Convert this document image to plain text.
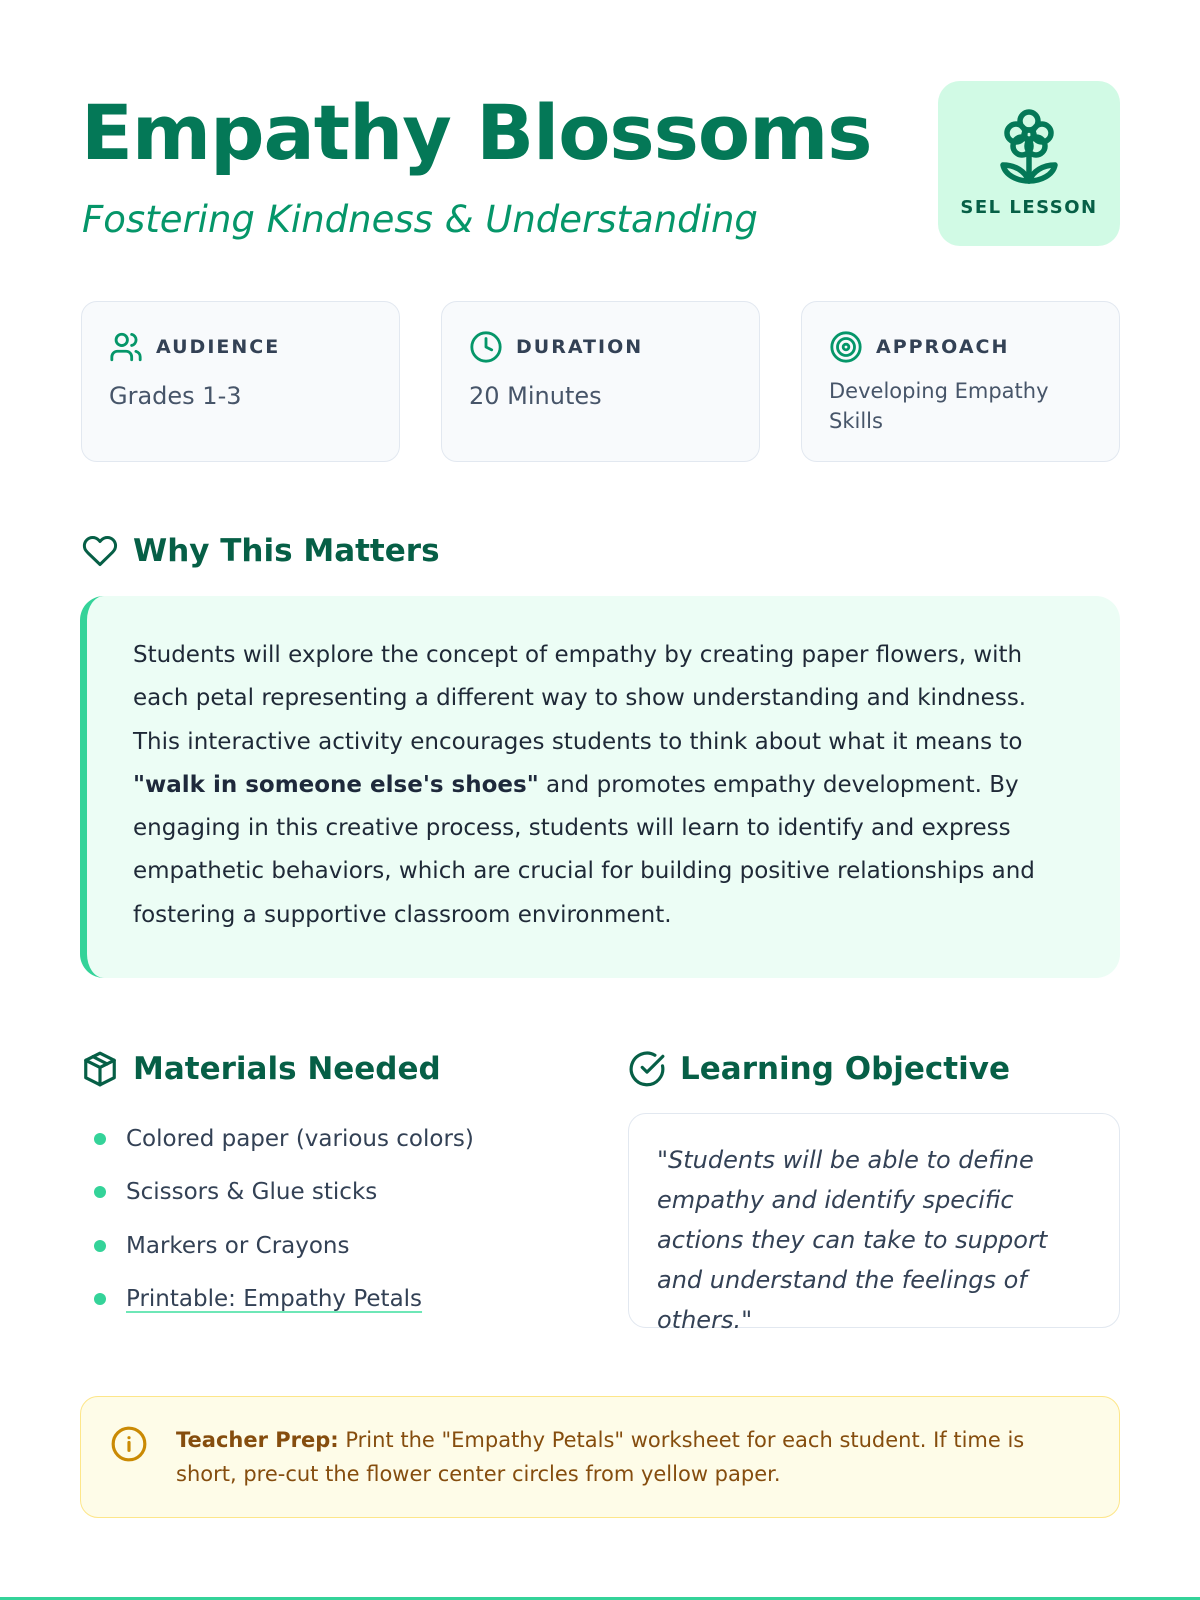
Empathy Blossoms
Fostering Kindness & Understanding	SEL LESSON
AUDIENCE
Grades 1-3
DURATION
20 Minutes
APPROACH
Developing Empathy Skills
Why This Matters

Students will explore the concept of empathy by creating paper flowers, with each petal representing a different way to show understanding and kindness. This interactive activity encourages students to think about what it means to "walk in someone else's shoes" and promotes empathy development. By engaging in this creative process, students will learn to identify and express empathetic behaviors, which are crucial for building positive relationships and fostering a supportive classroom environment.

Materials Needed
Colored paper (various colors)
Scissors & Glue sticks
Markers or Crayons
Printable: Empathy Petals
Learning Objective

"Students will be able to define empathy and identify specific actions they can take to support and understand the feelings of others."

Teacher Prep: Print the "Empathy Petals" worksheet for each student. If time is short, pre-cut the flower center circles from yellow paper.
